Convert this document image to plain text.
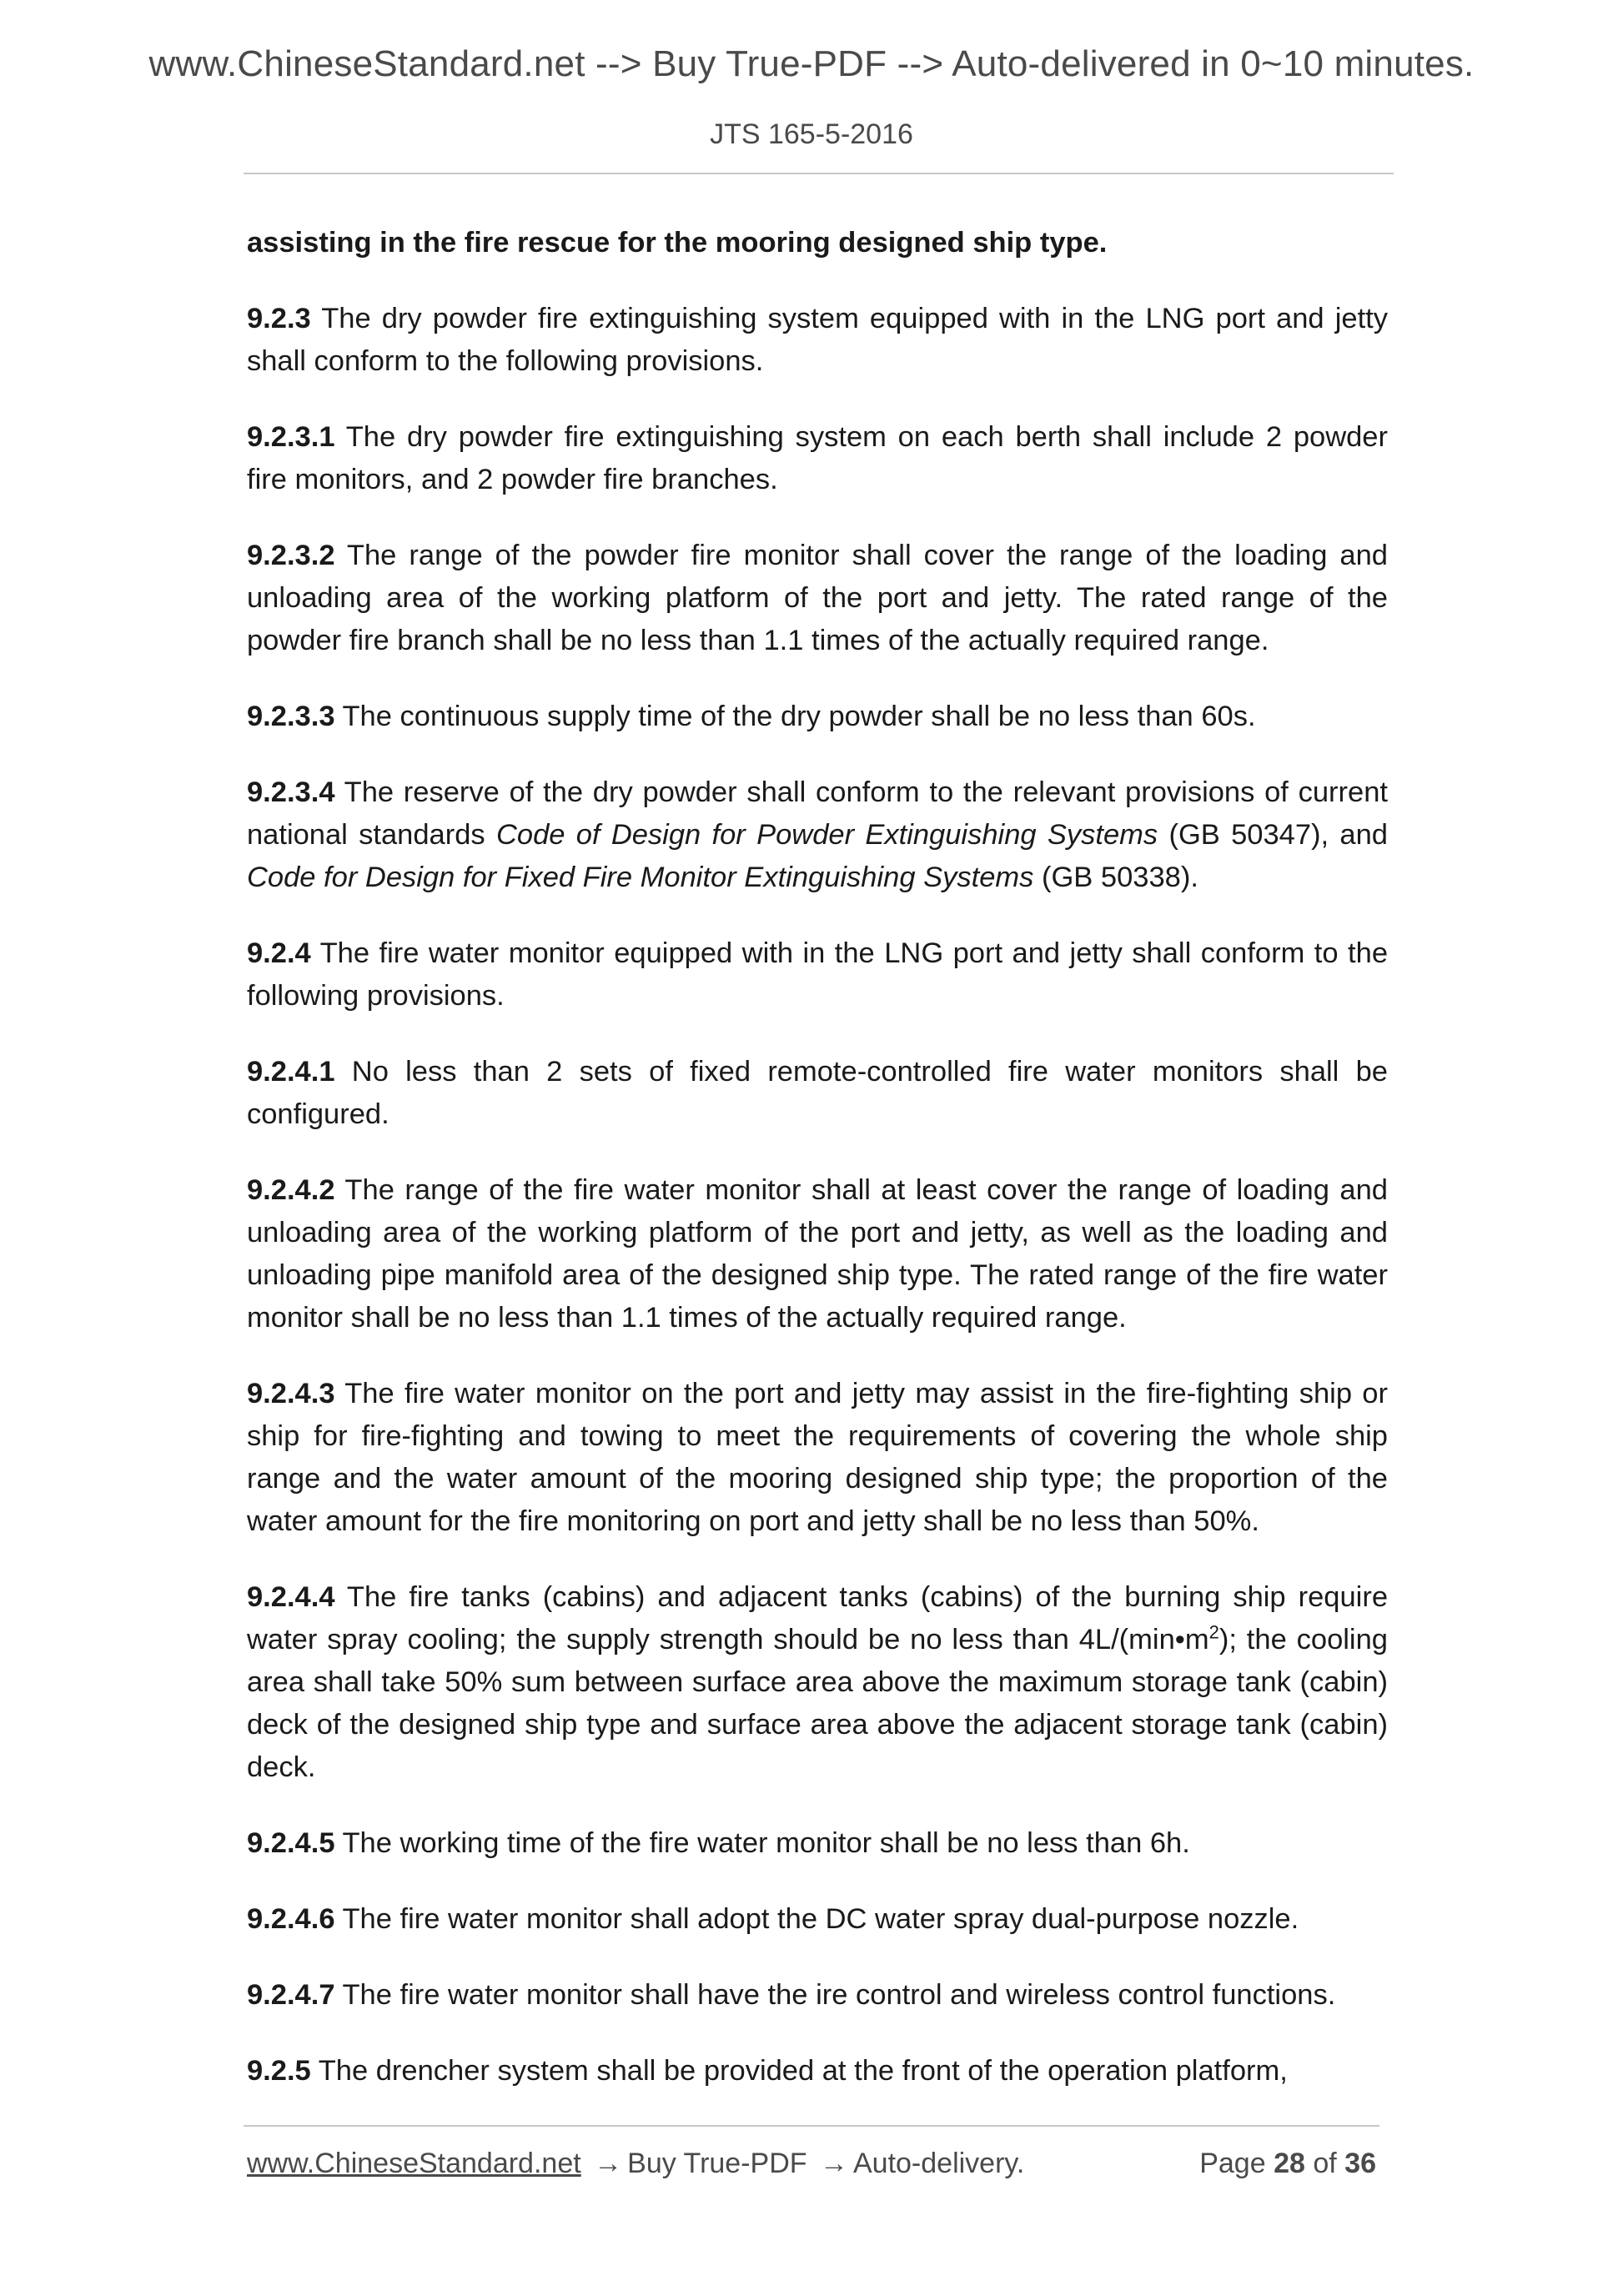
www.ChineseStandard.net --> Buy True-PDF --> Auto-delivered in 0~10 minutes.
JTS 165-5-2016

assisting in the fire rescue for the mooring designed ship type.

9.2.3 The dry powder fire extinguishing system equipped with in the LNG port and jetty shall conform to the following provisions.

9.2.3.1 The dry powder fire extinguishing system on each berth shall include 2 powder fire monitors, and 2 powder fire branches.

9.2.3.2 The range of the powder fire monitor shall cover the range of the loading and unloading area of the working platform of the port and jetty. The rated range of the powder fire branch shall be no less than 1.1 times of the actually required range.

9.2.3.3 The continuous supply time of the dry powder shall be no less than 60s.

9.2.3.4 The reserve of the dry powder shall conform to the relevant provisions of current national standards Code of Design for Powder Extinguishing Systems (GB 50347), and Code for Design for Fixed Fire Monitor Extinguishing Systems (GB 50338).

9.2.4 The fire water monitor equipped with in the LNG port and jetty shall conform to the following provisions.

9.2.4.1 No less than 2 sets of fixed remote-controlled fire water monitors shall be configured.

9.2.4.2 The range of the fire water monitor shall at least cover the range of loading and unloading area of the working platform of the port and jetty, as well as the loading and unloading pipe manifold area of the designed ship type. The rated range of the fire water monitor shall be no less than 1.1 times of the actually required range.

9.2.4.3 The fire water monitor on the port and jetty may assist in the fire-fighting ship or ship for fire-fighting and towing to meet the requirements of covering the whole ship range and the water amount of the mooring designed ship type; the proportion of the water amount for the fire monitoring on port and jetty shall be no less than 50%.

9.2.4.4 The fire tanks (cabins) and adjacent tanks (cabins) of the burning ship require water spray cooling; the supply strength should be no less than $4L/(\min•m^2)$; the cooling area shall take 50% sum between surface area above the maximum storage tank (cabin) deck of the designed ship type and surface area above the adjacent storage tank (cabin) deck.

9.2.4.5 The working time of the fire water monitor shall be no less than 6h.

9.2.4.6 The fire water monitor shall adopt the DC water spray dual-purpose nozzle.

9.2.4.7 The fire water monitor shall have the ire control and wireless control functions.

9.2.5 The drencher system shall be provided at the front of the operation platform,

www.ChineseStandard.net → Buy True-PDF → Auto-delivery.	Page 28 of 36
